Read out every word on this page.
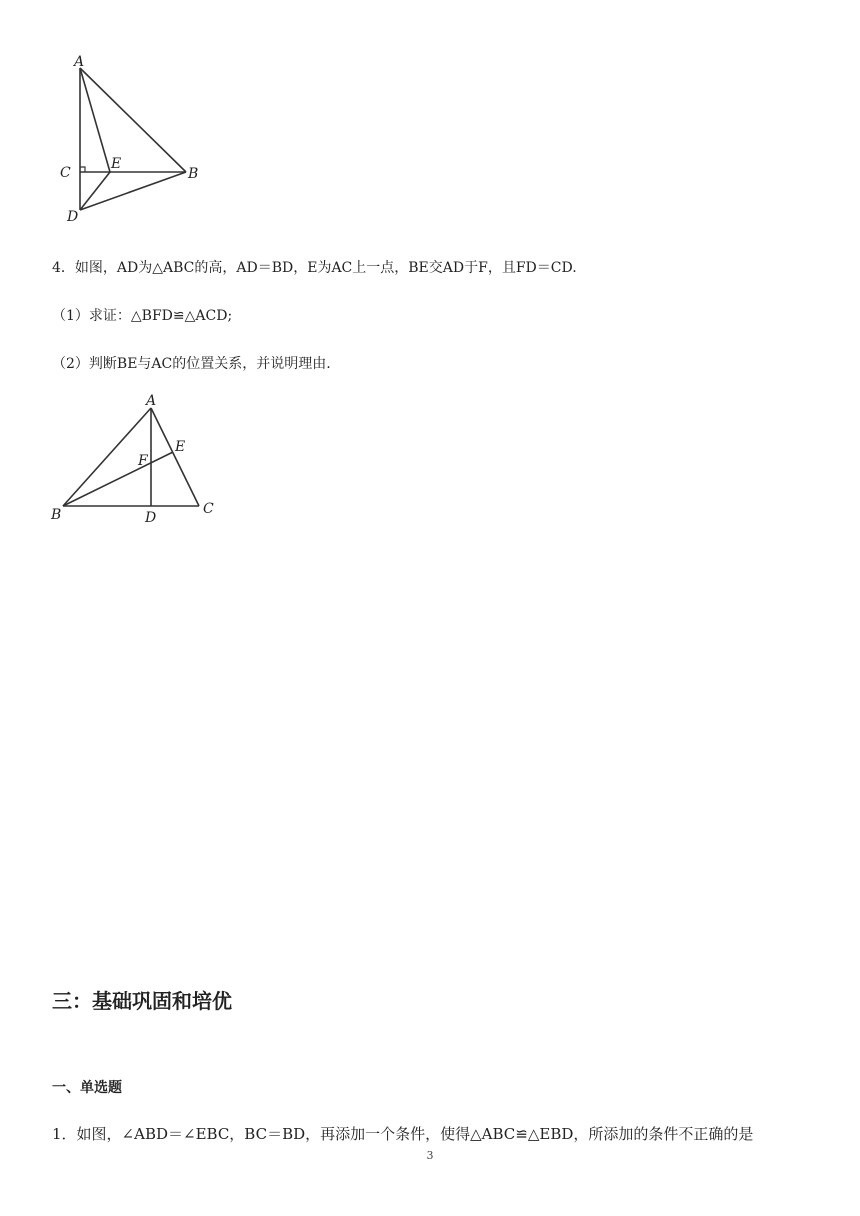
A
C
E
B
D
4．如图，AD为△ABC的高，AD＝BD，E为AC上一点，BE交AD于F，且FD＝CD.
（1）求证：△BFD≌△ACD;
（2）判断BE与AC的位置关系，并说明理由.
A
E
F
B	D
C
三：基础巩固和培优
一、单选题
1．如图，∠ABD＝∠EBC，BC＝BD，再添加一个条件，使得△ABC≌△EBD，所添加的条件不正确的是
3
